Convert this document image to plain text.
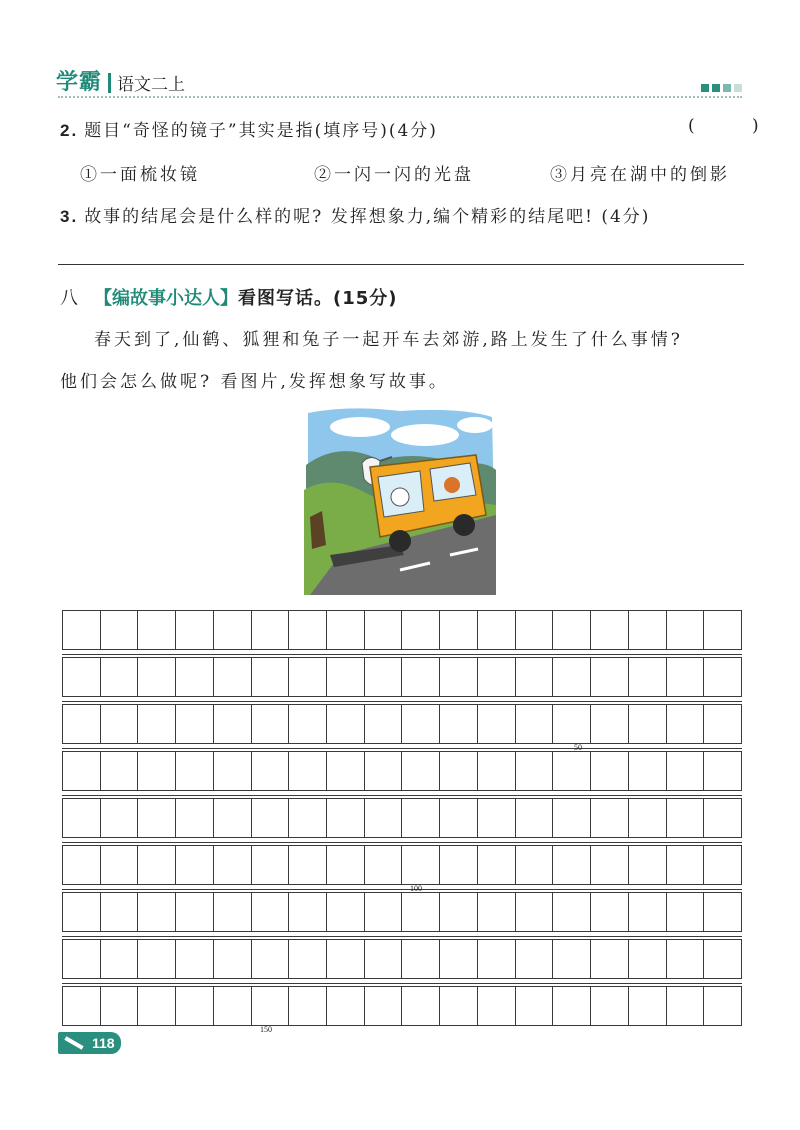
学霸 语文二上
2. 题目“奇怪的镜子”其实是指(填序号)(4分)	( )
①一面梳妆镜	②一闪一闪的光盘	③月亮在湖中的倒影
3. 故事的结尾会是什么样的呢? 发挥想象力,编个精彩的结尾吧! (4分)
八 【编故事小达人】看图写话。(15分)
春天到了,仙鹤、狐狸和兔子一起开车去郊游,路上发生了什么事情?
他们会怎么做呢? 看图片,发挥想象写故事。
50
100
150
118
